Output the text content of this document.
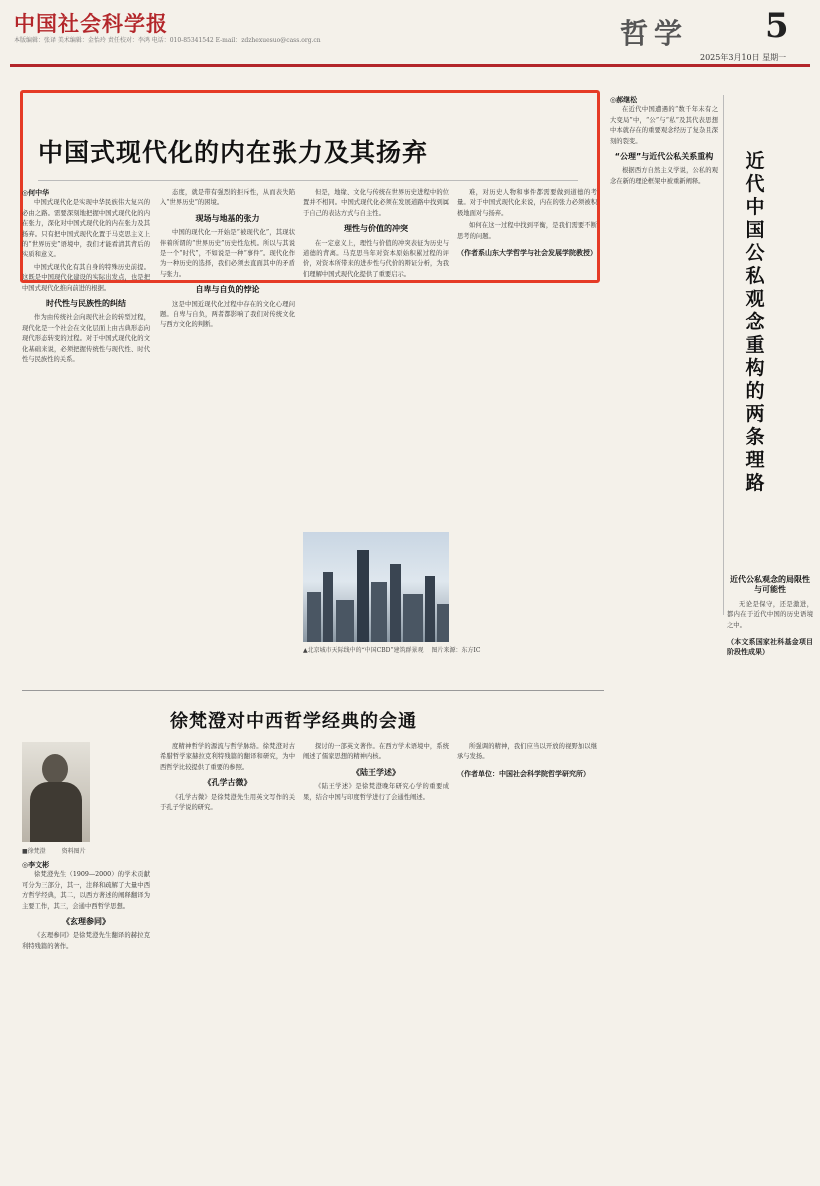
中国社会科学报
本版编辑：张译 美术编辑：金怡玲 责任校对：李鸿 电话：010-85341542 E-mail：zdzhexuesuo@cass.org.cn	哲学 5
2025年3月10日 星期一
中国式现代化的内在张力及其扬弃
◎何中华

中国式现代化是实现中华民族伟大复兴的必由之路。需要深刻地把握中国式现代化的内在张力，深化对中国式现代化的内在张力及其扬弃。只有把中国式现代化置于马克思主义上的“世界历史”语境中，我们才能看清其背后的实质和意义。

中国式现代化有其自身的特殊历史前提。这既是中国现代化建设的实际出发点，也是把中国式现代化推向前进的根据。

时代性与民族性的纠结

作为由传统社会向现代社会的转型过程，现代化是一个社会在文化层面上由古典形态向现代形态转变的过程。对于中国式现代化的文化基础来说，必须把握传统性与现代性、时代性与民族性的关系。

态度，就是带有强烈的拒斥性，从而表失陷入“世界历史”的困境。

现场与地基的张力

中国的现代化一开始是“被现代化”，其现状伴着所谓的“世界历史”历史性危机。所以与其说是一个“时代”，不如说是一种“事件”。现代化作为一种历史的选择，我们必须去直面其中的矛盾与张力。

自卑与自负的悖论

这是中国近现代化过程中存在的文化心理问题。自卑与自负，两者都影响了我们对传统文化与西方文化的判断。

但是，地缘、文化与传统在世界历史进程中的位置并不相同。中国式现代化必须在发展道路中找到属于自己的表达方式与自主性。

理性与价值的冲突

在一定意义上，理性与价值的冲突表征为历史与道德的背离。马克思当年对资本原始积累过程的评价，对资本所带来的进步性与代价的辩证分析，为我们理解中国式现代化提供了重要启示。

难，对历史人物和事件都需要做到道德的考量。对于中国式现代化来说，内在的张力必须被积极地面对与扬弃。

如何在这一过程中找到平衡，是我们需要不断思考的问题。

（作者系山东大学哲学与社会发展学院教授）
▲北京城市天际线中的“中国CBD”建筑群景观 图片来源：东方IC
◎郝继松

在近代中国遭遇的“数千年未有之大变局”中，“公”与“私”及其代表思想中本就存在的重要观念经历了复杂且深刻的裂变。

“公理”与近代公私关系重构

根据西方自然主义学说，公私的观念在新的理论框架中被重新阐释。

近代中国公私观念重构的两条理路
近代公私观念的局限性与可能性

无论是保守，还是激进，都内在于近代中国的历史语境之中。

（本文系国家社科基金项目阶段性成果）
徐梵澄对中西哲学经典的会通
■徐梵澄	资料图片
◎李文彬

徐梵澄先生（1909—2000）的学术贡献可分为三部分，其一，注释和疏解了大量中西方哲学经典，其二，以西方著述的阐释翻译为主要工作，其三，会通中西哲学思想。

《玄理参同》

《玄理参同》是徐梵澄先生翻译的赫拉克利特残篇的著作。

度精神哲学的源流与哲学脉络。徐梵澄对古希腊哲学家赫拉克利特残篇的翻译和研究，为中西哲学比较提供了重要的参照。

《孔学古微》

《孔学古微》是徐梵澄先生用英文写作的关于孔子学说的研究。

探讨的一部英文著作。在西方学术语境中，系统阐述了儒家思想的精神内核。

《陆王学述》

《陆王学述》是徐梵澄晚年研究心学的重要成果，结合中国与印度哲学进行了会通性阐述。

所强调的精神，我们应当以开放的视野加以继承与发扬。

（作者单位：中国社会科学院哲学研究所）
